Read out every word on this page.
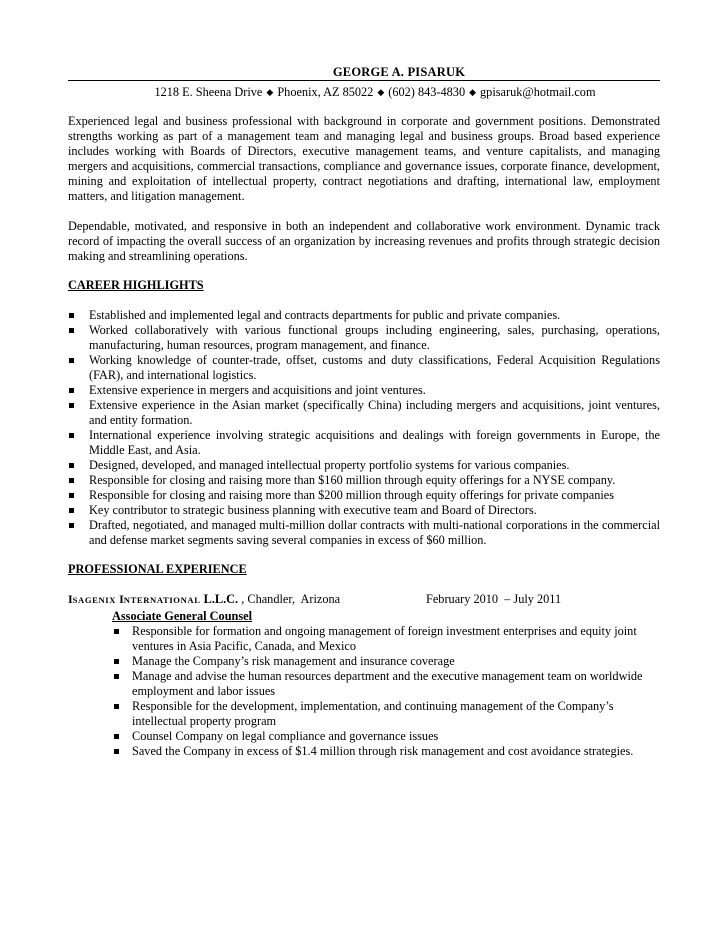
GEORGE A. PISARUK

1218 E. Sheena Drive ◆ Phoenix, AZ 85022 ◆ (602) 843-4830 ◆ gpisaruk@hotmail.com

Experienced legal and business professional with background in corporate and government positions. Demonstrated strengths working as part of a management team and managing legal and business groups. Broad based experience includes working with Boards of Directors, executive management teams, and venture capitalists, and managing mergers and acquisitions, commercial transactions, compliance and governance issues, corporate finance, development, mining and exploitation of intellectual property, contract negotiations and drafting, international law, employment matters, and litigation management.

Dependable, motivated, and responsive in both an independent and collaborative work environment. Dynamic track record of impacting the overall success of an organization by increasing revenues and profits through strategic decision making and streamlining operations.

CAREER HIGHLIGHTS

Established and implemented legal and contracts departments for public and private companies.
Worked collaboratively with various functional groups including engineering, sales, purchasing, operations, manufacturing, human resources, program management, and finance.
Working knowledge of counter-trade, offset, customs and duty classifications, Federal Acquisition Regulations (FAR), and international logistics.
Extensive experience in mergers and acquisitions and joint ventures.
Extensive experience in the Asian market (specifically China) including mergers and acquisitions, joint ventures, and entity formation.
International experience involving strategic acquisitions and dealings with foreign governments in Europe, the Middle East, and Asia.
Designed, developed, and managed intellectual property portfolio systems for various companies.
Responsible for closing and raising more than $160 million through equity offerings for a NYSE company.
Responsible for closing and raising more than $200 million through equity offerings for private companies
Key contributor to strategic business planning with executive team and Board of Directors.
Drafted, negotiated, and managed multi-million dollar contracts with multi-national corporations in the commercial and defense market segments saving several companies in excess of $60 million.

PROFESSIONAL EXPERIENCE

ISAGENIX INTERNATIONAL L.L.C. , Chandler,  Arizona	February 2010  – July 2011

Associate General Counsel

Responsible for formation and ongoing management of foreign investment enterprises and equity joint ventures in Asia Pacific, Canada, and Mexico
Manage the Company’s risk management and insurance coverage
Manage and advise the human resources department and the executive management team on worldwide employment and labor issues
Responsible for the development, implementation, and continuing management of the Company’s intellectual property program
Counsel Company on legal compliance and governance issues
Saved the Company in excess of $1.4 million through risk management and cost avoidance strategies.
